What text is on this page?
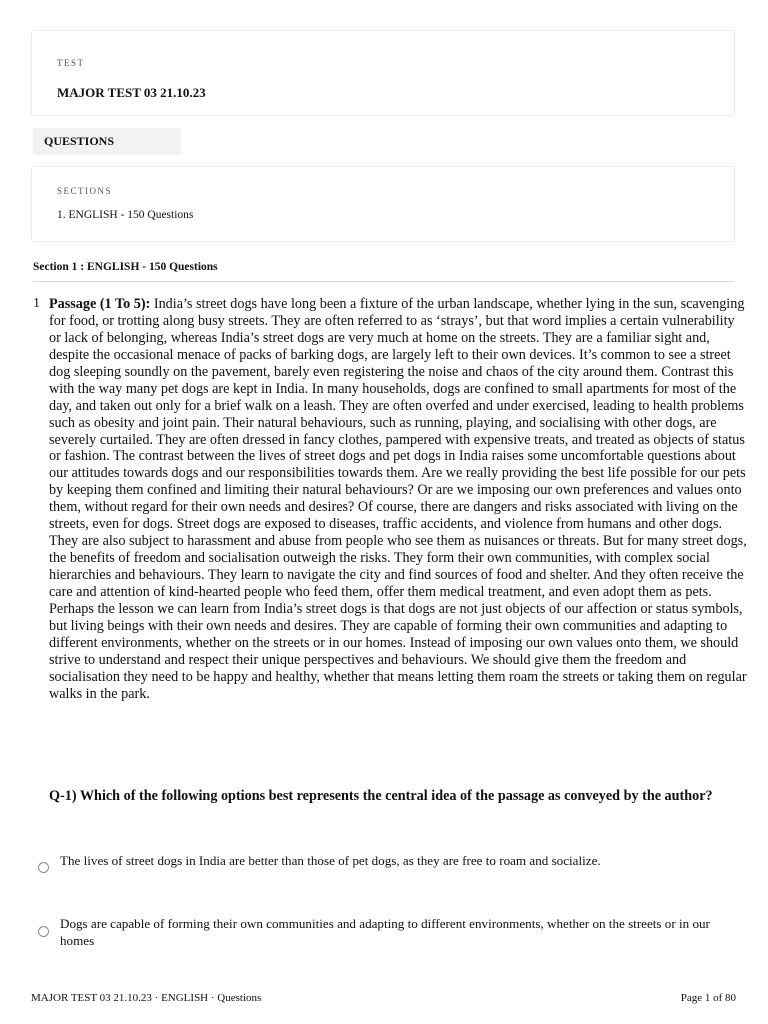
TEST
MAJOR TEST 03 21.10.23
QUESTIONS
SECTIONS
1. ENGLISH - 150 Questions
Section 1 : ENGLISH - 150 Questions
1 Passage (1 To 5): India’s street dogs have long been a fixture of the urban landscape, whether lying in the sun, scavenging for food, or trotting along busy streets. They are often referred to as ‘strays’, but that word implies a certain vulnerability or lack of belonging, whereas India’s street dogs are very much at home on the streets. They are a familiar sight and, despite the occasional menace of packs of barking dogs, are largely left to their own devices. It’s common to see a street dog sleeping soundly on the pavement, barely even registering the noise and chaos of the city around them. Contrast this with the way many pet dogs are kept in India. In many households, dogs are confined to small apartments for most of the day, and taken out only for a brief walk on a leash. They are often overfed and under exercised, leading to health problems such as obesity and joint pain. Their natural behaviours, such as running, playing, and socialising with other dogs, are severely curtailed. They are often dressed in fancy clothes, pampered with expensive treats, and treated as objects of status or fashion. The contrast between the lives of street dogs and pet dogs in India raises some uncomfortable questions about our attitudes towards dogs and our responsibilities towards them. Are we really providing the best life possible for our pets by keeping them confined and limiting their natural behaviours? Or are we imposing our own preferences and values onto them, without regard for their own needs and desires? Of course, there are dangers and risks associated with living on the streets, even for dogs. Street dogs are exposed to diseases, traffic accidents, and violence from humans and other dogs. They are also subject to harassment and abuse from people who see them as nuisances or threats. But for many street dogs, the benefits of freedom and socialisation outweigh the risks. They form their own communities, with complex social hierarchies and behaviours. They learn to navigate the city and find sources of food and shelter. And they often receive the care and attention of kind-hearted people who feed them, offer them medical treatment, and even adopt them as pets. Perhaps the lesson we can learn from India’s street dogs is that dogs are not just objects of our affection or status symbols, but living beings with their own needs and desires. They are capable of forming their own communities and adapting to different environments, whether on the streets or in our homes. Instead of imposing our own values onto them, we should strive to understand and respect their unique perspectives and behaviours. We should give them the freedom and socialisation they need to be happy and healthy, whether that means letting them roam the streets or taking them on regular walks in the park.

Q-1) Which of the following options best represents the central idea of the passage as conveyed by the author?

The lives of street dogs in India are better than those of pet dogs, as they are free to roam and socialize.
Dogs are capable of forming their own communities and adapting to different environments, whether on the streets or in our homes
MAJOR TEST 03 21.10.23 · ENGLISH · Questions	Page 1 of 80
